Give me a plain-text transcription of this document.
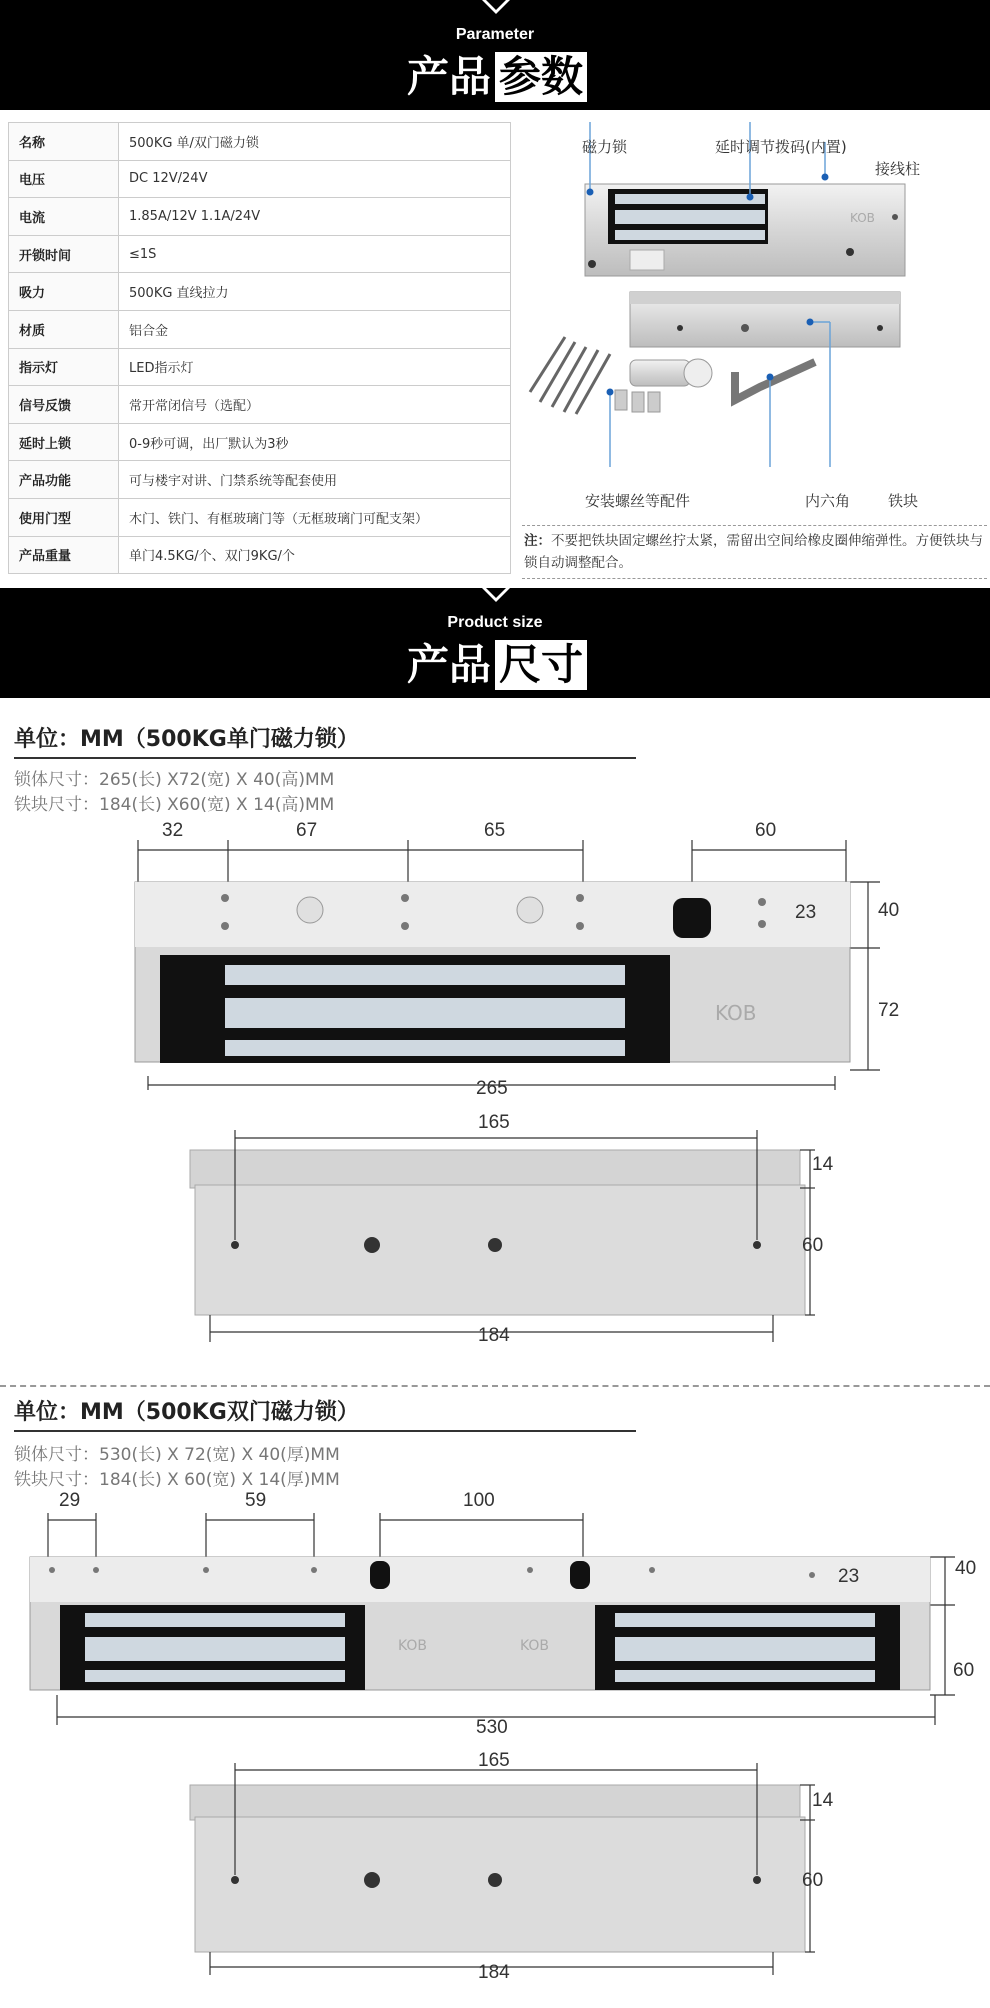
Parameter
产品 参数
名称	500KG 单/双门磁力锁
电压	DC 12V/24V
电流	1.85A/12V 1.1A/24V
开锁时间	≤1S
吸力	500KG 直线拉力
材质	铝合金
指示灯	LED指示灯
信号反馈	常开常闭信号（选配）
延时上锁	0-9秒可调，出厂默认为3秒
产品功能	可与楼宇对讲、门禁系统等配套使用
使用门型	木门、铁门、有框玻璃门等（无框玻璃门可配支架）
产品重量	单门4.5KG/个、双门9KG/个
KOB
磁力锁	延时调节拨码(内置)
接线柱
安装螺丝等配件	内六角	铁块
注：不要把铁块固定螺丝拧太紧，需留出空间给橡皮圈伸缩弹性。方便铁块与锁自动调整配合。
Product size
产品 尺寸
单位：MM（500KG单门磁力锁）
锁体尺寸：265(长) X72(宽) X 40(高)MM
铁块尺寸：184(长) X60(宽) X 14(高)MM
KOB
32	67	65	60
23	40
72
265
165
14
60
184
单位：MM（500KG双门磁力锁）
锁体尺寸：530(长) X 72(宽) X 40(厚)MM
铁块尺寸：184(长) X 60(宽) X 14(厚)MM
KOB	KOB
29	59	100
23	40
60
530
165
14
60
184
